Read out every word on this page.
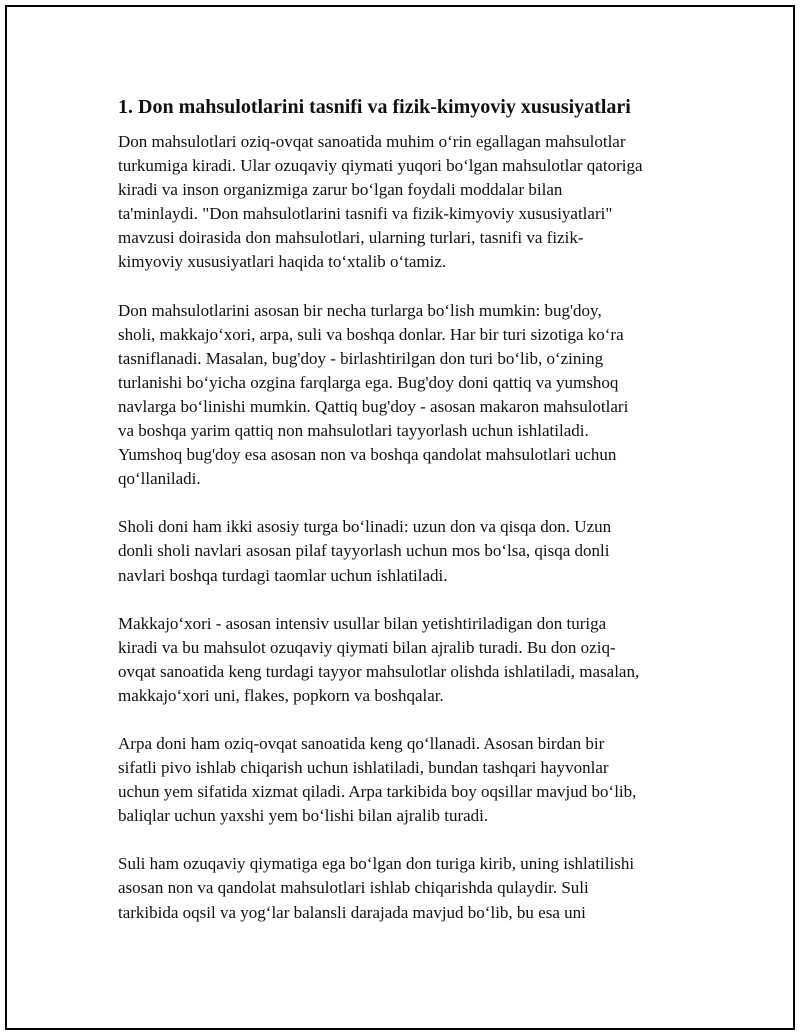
1. Don mahsulotlarini tasnifi va fizik-kimyoviy xususiyatlari

Don mahsulotlari oziq-ovqat sanoatida muhim o‘rin egallagan mahsulotlar
turkumiga kiradi. Ular ozuqaviy qiymati yuqori bo‘lgan mahsulotlar qatoriga
kiradi va inson organizmiga zarur bo‘lgan foydali moddalar bilan
ta'minlaydi. "Don mahsulotlarini tasnifi va fizik-kimyoviy xususiyatlari"
mavzusi doirasida don mahsulotlari, ularning turlari, tasnifi va fizik-
kimyoviy xususiyatlari haqida to‘xtalib o‘tamiz.

Don mahsulotlarini asosan bir necha turlarga bo‘lish mumkin: bug'doy,
sholi, makkajo‘xori, arpa, suli va boshqa donlar. Har bir turi sizotiga ko‘ra
tasniflanadi. Masalan, bug'doy - birlashtirilgan don turi bo‘lib, o‘zining
turlanishi bo‘yicha ozgina farqlarga ega. Bug'doy doni qattiq va yumshoq
navlarga bo‘linishi mumkin. Qattiq bug'doy - asosan makaron mahsulotlari
va boshqa yarim qattiq non mahsulotlari tayyorlash uchun ishlatiladi.
Yumshoq bug'doy esa asosan non va boshqa qandolat mahsulotlari uchun
qo‘llaniladi.

Sholi doni ham ikki asosiy turga bo‘linadi: uzun don va qisqa don. Uzun
donli sholi navlari asosan pilaf tayyorlash uchun mos bo‘lsa, qisqa donli
navlari boshqa turdagi taomlar uchun ishlatiladi.

Makkajo‘xori - asosan intensiv usullar bilan yetishtiriladigan don turiga
kiradi va bu mahsulot ozuqaviy qiymati bilan ajralib turadi. Bu don oziq-
ovqat sanoatida keng turdagi tayyor mahsulotlar olishda ishlatiladi, masalan,
makkajo‘xori uni, flakes, popkorn va boshqalar.

Arpa doni ham oziq-ovqat sanoatida keng qo‘llanadi. Asosan birdan bir
sifatli pivo ishlab chiqarish uchun ishlatiladi, bundan tashqari hayvonlar
uchun yem sifatida xizmat qiladi. Arpa tarkibida boy oqsillar mavjud bo‘lib,
baliqlar uchun yaxshi yem bo‘lishi bilan ajralib turadi.

Suli ham ozuqaviy qiymatiga ega bo‘lgan don turiga kirib, uning ishlatilishi
asosan non va qandolat mahsulotlari ishlab chiqarishda qulaydir. Suli
tarkibida oqsil va yog‘lar balansli darajada mavjud bo‘lib, bu esa uni
